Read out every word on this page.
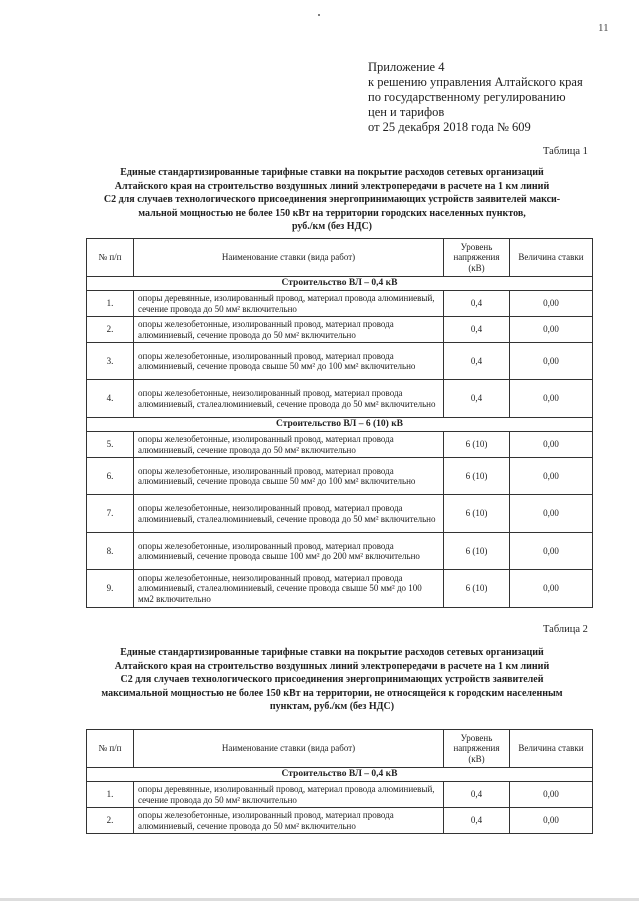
11
Приложение 4
к решению управления Алтайского края
по государственному регулированию
цен и тарифов
от 25 декабря 2018 года № 609
Таблица 1
Единые стандартизированные тарифные ставки на покрытие расходов сетевых организаций
Алтайского края на строительство воздушных линий электропередачи в расчете на 1 км линий
С2 для случаев технологического присоединения энергопринимающих устройств заявителей макси-
мальной мощностью не более 150 кВт на территории городских населенных пунктов,
руб./км (без НДС)
№ п/п	Наименование ставки (вида работ)	Уровень напряжения (кВ)	Величина ставки
Строительство ВЛ – 0,4 кВ			
1.	опоры деревянные, изолированный провод, материал провода алюминиевый, сечение провода до 50 мм² включительно	0,4	0,00
2.	опоры железобетонные, изолированный провод, материал провода алюминиевый, сечение провода до 50 мм² включительно	0,4	0,00
3.	опоры железобетонные, изолированный провод, материал провода алюминиевый, сечение провода свыше 50 мм² до 100 мм² включительно	0,4	0,00
4.	опоры железобетонные, неизолированный провод, материал провода алюминиевый, сталеалюминиевый, сечение провода до 50 мм² включительно	0,4	0,00
Строительство ВЛ – 6 (10) кВ			
5.	опоры железобетонные, изолированный провод, материал провода алюминиевый, сечение провода до 50 мм² включительно	6 (10)	0,00
6.	опоры железобетонные, изолированный провод, материал провода алюминиевый, сечение провода свыше 50 мм² до 100 мм² включительно	6 (10)	0,00
7.	опоры железобетонные, неизолированный провод, материал провода алюминиевый, сталеалюминиевый, сечение провода до 50 мм² включительно	6 (10)	0,00
8.	опоры железобетонные, изолированный провод, материал провода алюминиевый, сечение провода свыше 100 мм² до 200 мм² включительно	6 (10)	0,00
9.	опоры железобетонные, неизолированный провод, материал провода алюминиевый, сталеалюминиевый, сечение провода свыше 50 мм² до 100 мм2 включительно	6 (10)	0,00
Таблица 2
Единые стандартизированные тарифные ставки на покрытие расходов сетевых организаций
Алтайского края на строительство воздушных линий электропередачи в расчете на 1 км линий
С2 для случаев технологического присоединения энергопринимающих устройств заявителей
максимальной мощностью не более 150 кВт на территории, не относящейся к городским населенным
пунктам, руб./км (без НДС)
№ п/п	Наименование ставки (вида работ)	Уровень напряжения (кВ)	Величина ставки
Строительство ВЛ – 0,4 кВ			
1.	опоры деревянные, изолированный провод, материал провода алюминиевый, сечение провода до 50 мм² включительно	0,4	0,00
2.	опоры железобетонные, изолированный провод, материал провода алюминиевый, сечение провода до 50 мм² включительно	0,4	0,00
